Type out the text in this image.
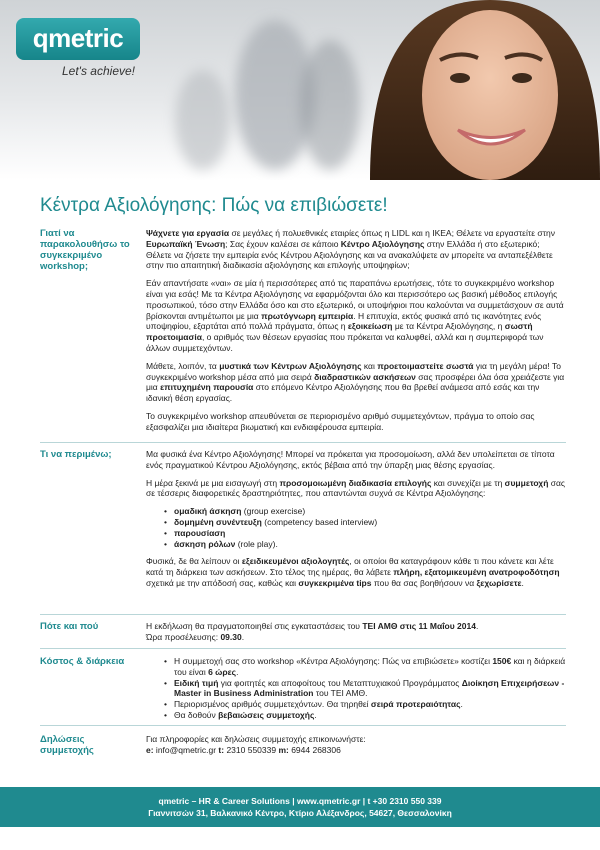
qmetric
Let's achieve!
Κέντρα Αξιολόγησης: Πώς να επιβιώσετε!
Γιατί να παρακολουθήσω το συγκεκριμένο workshop;

Ψάχνετε για εργασία σε μεγάλες ή πολυεθνικές εταιρίες όπως η LIDL και η IKEA; Θέλετε να εργαστείτε στην Ευρωπαϊκή Ένωση; Σας έχουν καλέσει σε κάποιο Κέντρο Αξιολόγησης στην Ελλάδα ή στο εξωτερικό; Θέλετε να ζήσετε την εμπειρία ενός Κέντρου Αξιολόγησης και να ανακαλύψετε αν μπορείτε να ανταπεξέλθετε στην πιο απαιτητική διαδικασία αξιολόγησης και επιλογής υποψηφίων;

Εάν απαντήσατε «ναι» σε μία ή περισσότερες από τις παραπάνω ερωτήσεις, τότε το συγκεκριμένο workshop είναι για εσάς! Με τα Κέντρα Αξιολόγησης να εφαρμόζονται όλο και περισσότερο ως βασική μέθοδος επιλογής προσωπικού, τόσο στην Ελλάδα όσο και στο εξωτερικό, οι υποψήφιοι που καλούνται να συμμετάσχουν σε αυτά βρίσκονται αντιμέτωποι με μια πρωτόγνωρη εμπειρία. Η επιτυχία, εκτός φυσικά από τις ικανότητες ενός υποψηφίου, εξαρτάται από πολλά πράγματα, όπως η εξοικείωση με τα Κέντρα Αξιολόγησης, η σωστή προετοιμασία, ο αριθμός των θέσεων εργασίας που πρόκειται να καλυφθεί, αλλά και η συμπεριφορά των άλλων συμμετεχόντων.

Μάθετε, λοιπόν, τα μυστικά των Κέντρων Αξιολόγησης και προετοιμαστείτε σωστά για τη μεγάλη μέρα! Το συγκεκριμένο workshop μέσα από μια σειρά διαδραστικών ασκήσεων σας προσφέρει όλα όσα χρειάζεστε για μια επιτυχημένη παρουσία στο επόμενο Κέντρο Αξιολόγησης που θα βρεθεί ανάμεσα από εσάς και την ιδανική θέση εργασίας.

Το συγκεκριμένο workshop απευθύνεται σε περιορισμένο αριθμό συμμετεχόντων, πράγμα το οποίο σας εξασφαλίζει μια ιδιαίτερα βιωματική και ενδιαφέρουσα εμπειρία.

Τι να περιμένω;	Μα φυσικά ένα Κέντρο Αξιολόγησης! Μπορεί να πρόκειται για προσομοίωση, αλλά δεν υπολείπεται σε τίποτα ενός πραγματικού Κέντρου Αξιολόγησης, εκτός βέβαια από την ύπαρξη μιας θέσης εργασίας.

Η μέρα ξεκινά με μια εισαγωγή στη προσομοιωμένη διαδικασία επιλογής και συνεχίζει με τη συμμετοχή σας σε τέσσερις διαφορετικές δραστηριότητες, που απαντώνται συχνά σε Κέντρα Αξιολόγησης:

• ομαδική άσκηση (group exercise)
• δομημένη συνέντευξη (competency based interview)
• παρουσίαση
• άσκηση ρόλων (role play).

Φυσικά, δε θα λείπουν οι εξειδικευμένοι αξιολογητές, οι οποίοι θα καταγράφουν κάθε τι που κάνετε και λέτε κατά τη διάρκεια των ασκήσεων. Στο τέλος της ημέρας, θα λάβετε πλήρη, εξατομικευμένη ανατροφοδότηση σχετικά με την απόδοσή σας, καθώς και συγκεκριμένα tips που θα σας βοηθήσουν να ξεχωρίσετε.

Πότε και πού	Η εκδήλωση θα πραγματοποιηθεί στις εγκαταστάσεις του ΤΕΙ ΑΜΘ στις 11 Μαΐου 2014.
Ώρα προσέλευσης: 09.30.
Κόστος & διάρκεια
•	Η συμμετοχή σας στο workshop «Κέντρα Αξιολόγησης: Πώς να επιβιώσετε» κοστίζει 150€ και η διάρκειά του είναι 6 ώρες.
• Ειδική τιμή για φοιτητές και αποφοίτους του Μεταπτυχιακού Προγράμματος Διοίκηση Επιχειρήσεων - Master in Business Administration του ΤΕΙ ΑΜΘ.
• Περιορισμένος αριθμός συμμετεχόντων. Θα τηρηθεί σειρά προτεραιότητας.
• Θα δοθούν βεβαιώσεις συμμετοχής.
Δηλώσεις συμμετοχής
Για πληροφορίες και δηλώσεις συμμετοχής επικοινωνήστε:
e: info@qmetric.gr t: 2310 550339 m: 6944 268306
qmetric – HR & Career Solutions | www.qmetric.gr | t +30 2310 550 339
Γιαννιτσών 31, Βαλκανικό Κέντρο, Κτίριο Αλέξανδρος, 54627, Θεσσαλονίκη
